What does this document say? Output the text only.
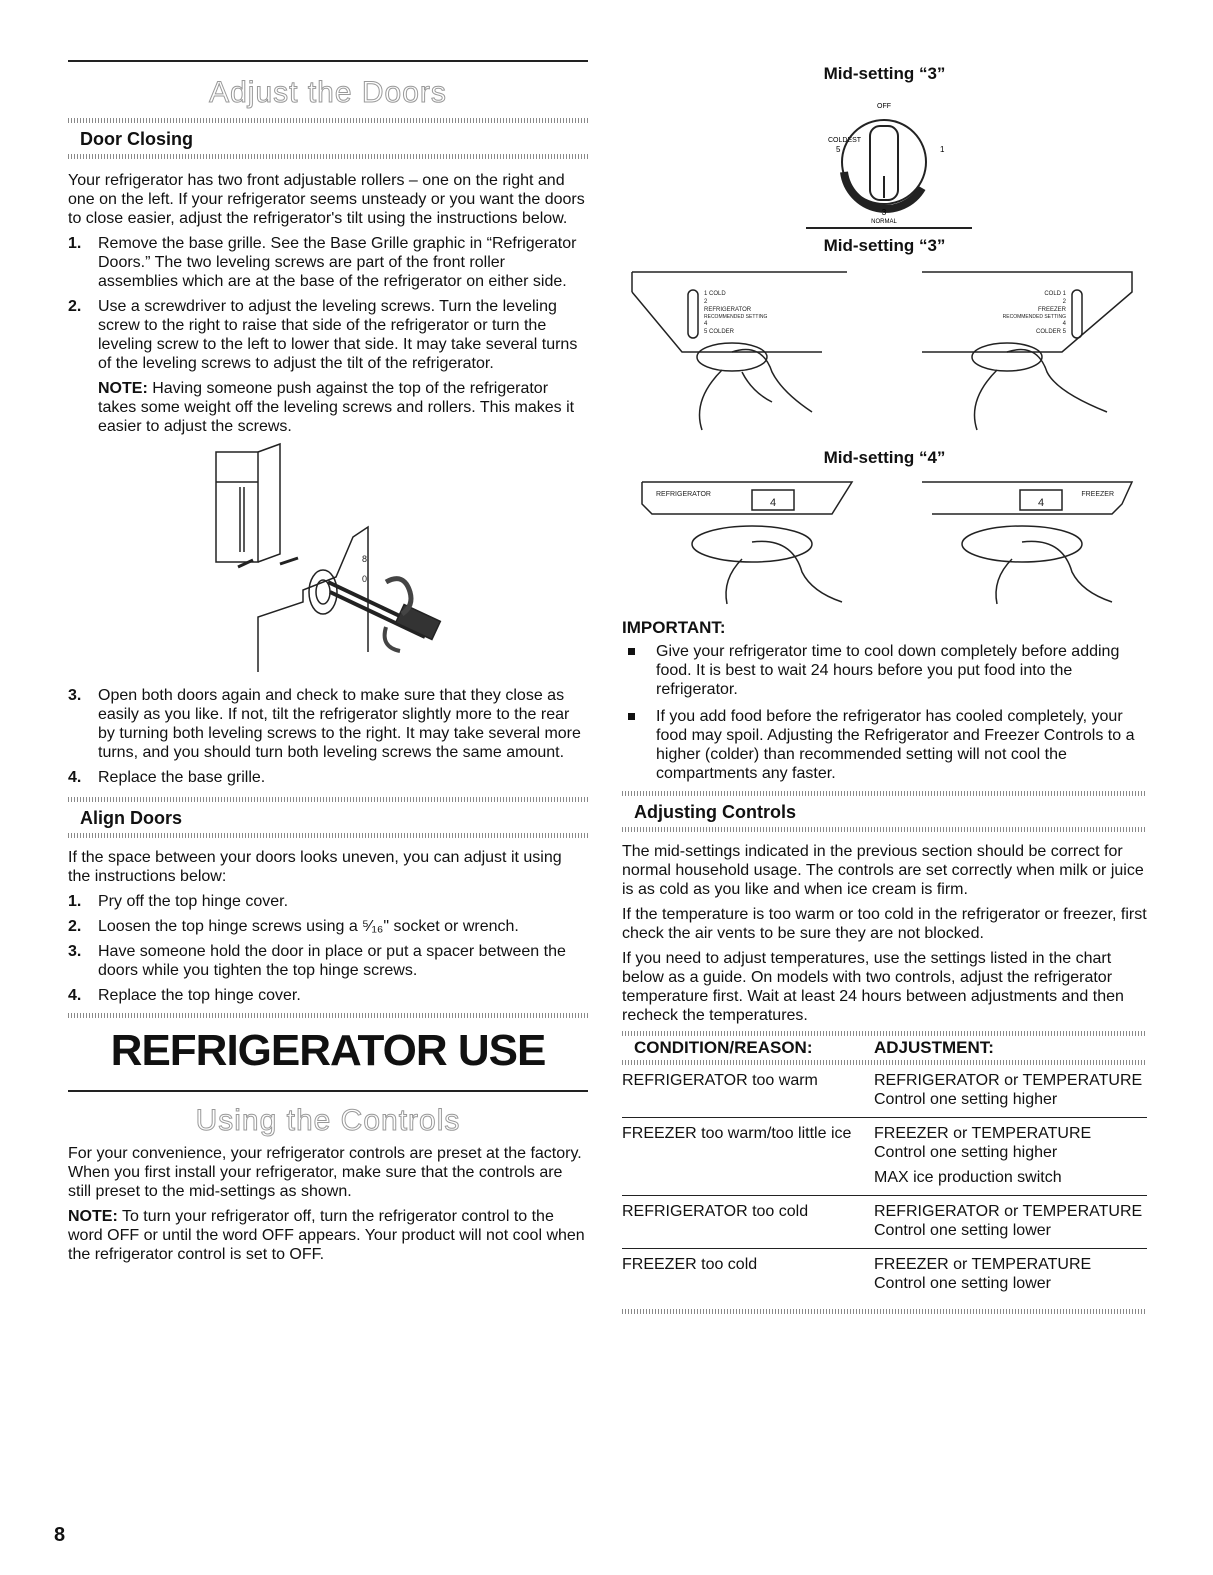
Adjust the Doors
Door Closing

Your refrigerator has two front adjustable rollers – one on the right and one on the left. If your refrigerator seems unsteady or you want the doors to close easier, adjust the refrigerator's tilt using the instructions below.

1. Remove the base grille. See the Base Grille graphic in “Refrigerator Doors.” The two leveling screws are part of the front roller assemblies which are at the base of the refrigerator on either side.
2. Use a screwdriver to adjust the leveling screws. Turn the leveling screw to the right to raise that side of the refrigerator or turn the leveling screw to the left to lower that side. It may take several turns of the leveling screws to adjust the tilt of the refrigerator.
NOTE: Having someone push against the top of the refrigerator takes some weight off the leveling screws and rollers. This makes it easier to adjust the screws.
8
0
3. Open both doors again and check to make sure that they close as easily as you like. If not, tilt the refrigerator slightly more to the rear by turning both leveling screws to the right. It may take several more turns, and you should turn both leveling screws the same amount.
4. Replace the base grille.
Align Doors

If the space between your doors looks uneven, you can adjust it using the instructions below:

1. Pry off the top hinge cover.
2. Loosen the top hinge screws using a ⁵⁄₁₆" socket or wrench.
3. Have someone hold the door in place or put a spacer between the doors while you tighten the top hinge screws.
4. Replace the top hinge cover.
REFRIGERATOR USE
Using the Controls

For your convenience, your refrigerator controls are preset at the factory. When you first install your refrigerator, make sure that the controls are still preset to the mid-settings as shown.

NOTE: To turn your refrigerator off, turn the refrigerator control to the word OFF or until the word OFF appears. Your product will not cool when the refrigerator control is set to OFF.

Mid-setting “3”
OFF
COLDEST
5	1
3
NORMAL
Mid-setting “3”
1 COLD
2
REFRIGERATOR
RECOMMENDED SETTING
4
5 COLDER
COLD 1
2
FREEZER
RECOMMENDED SETTING
4
COLDER 5
Mid-setting “4”
REFRIGERATOR
4
FREEZER
4
IMPORTANT:
Give your refrigerator time to cool down completely before adding food. It is best to wait 24 hours before you put food into the refrigerator.
If you add food before the refrigerator has cooled completely, your food may spoil. Adjusting the Refrigerator and Freezer Controls to a higher (colder) than recommended setting will not cool the compartments any faster.
Adjusting Controls

The mid-settings indicated in the previous section should be correct for normal household usage. The controls are set correctly when milk or juice is as cold as you like and when ice cream is firm.

If the temperature is too warm or too cold in the refrigerator or freezer, first check the air vents to be sure they are not blocked.

If you need to adjust temperatures, use the settings listed in the chart below as a guide. On models with two controls, adjust the refrigerator temperature first. Wait at least 24 hours between adjustments and then recheck the temperatures.

CONDITION/REASON:	ADJUSTMENT:

REFRIGERATOR too warm	REFRIGERATOR or TEMPERATURE Control one setting higher
FREEZER too warm/too little ice	FREEZER or TEMPERATURE Control one setting higher
MAX ice production switch

REFRIGERATOR too cold	REFRIGERATOR or TEMPERATURE Control one setting lower
FREEZER too cold	FREEZER or TEMPERATURE Control one setting lower
8
